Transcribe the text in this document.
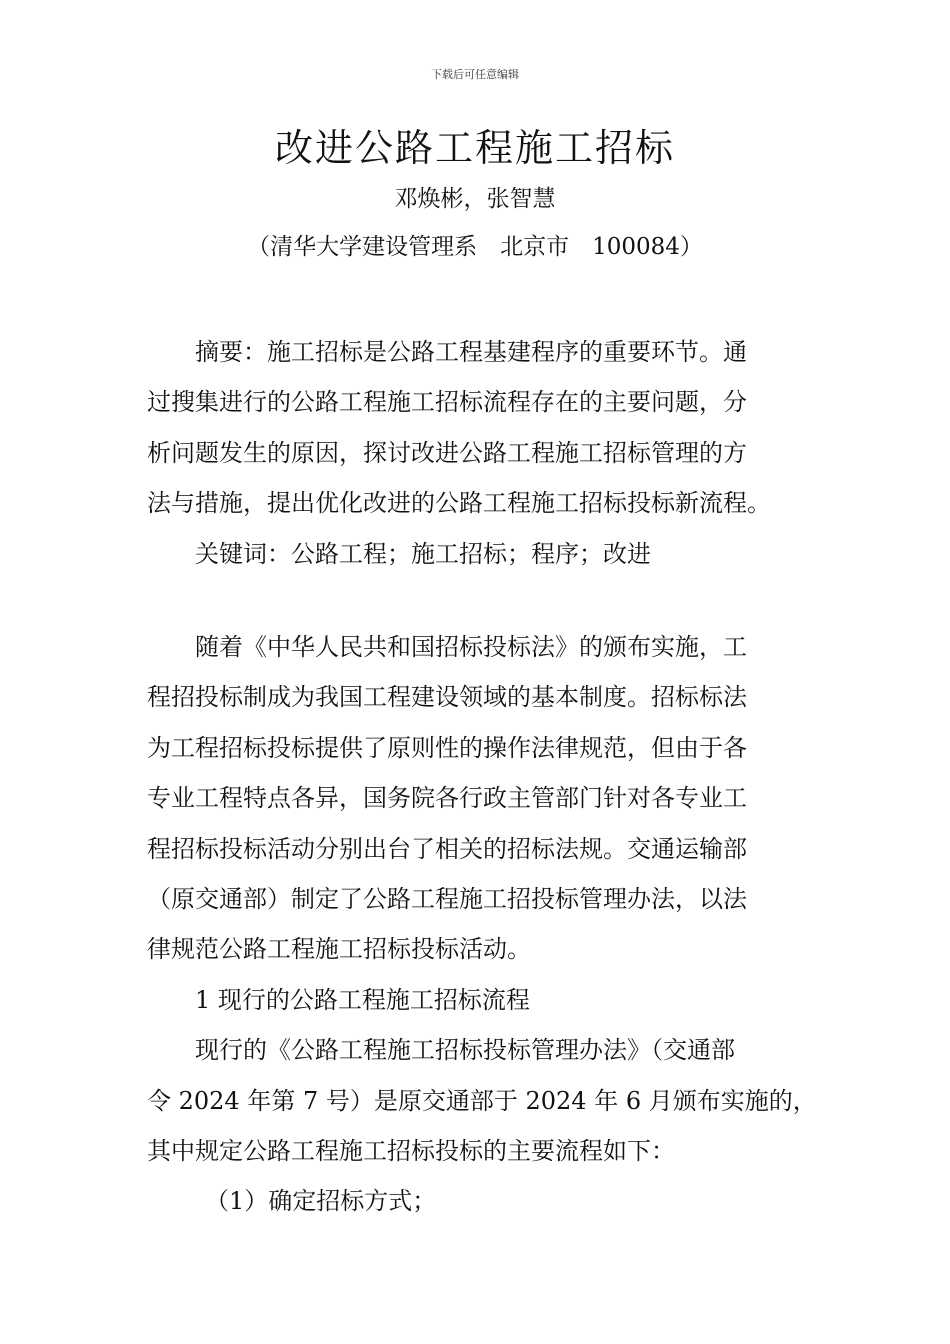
下载后可任意编辑
改进公路工程施工招标
邓焕彬，张智慧
（清华大学建设管理系　北京市　100084）
摘要：施工招标是公路工程基建程序的重要环节。通
过搜集进行的公路工程施工招标流程存在的主要问题，分
析问题发生的原因，探讨改进公路工程施工招标管理的方
法与措施，提出优化改进的公路工程施工招标投标新流程。
关键词：公路工程；施工招标；程序；改进
随着《中华人民共和国招标投标法》的颁布实施，工
程招投标制成为我国工程建设领域的基本制度。招标标法
为工程招标投标提供了原则性的操作法律规范，但由于各
专业工程特点各异，国务院各行政主管部门针对各专业工
程招标投标活动分别出台了相关的招标法规。交通运输部
（原交通部）制定了公路工程施工招投标管理办法，以法
律规范公路工程施工招标投标活动。
1 现行的公路工程施工招标流程
现行的《公路工程施工招标投标管理办法》（交通部
令 2024 年第 7 号）是原交通部于 2024 年 6 月颁布实施的，
其中规定公路工程施工招标投标的主要流程如下：
（1）确定招标方式；
